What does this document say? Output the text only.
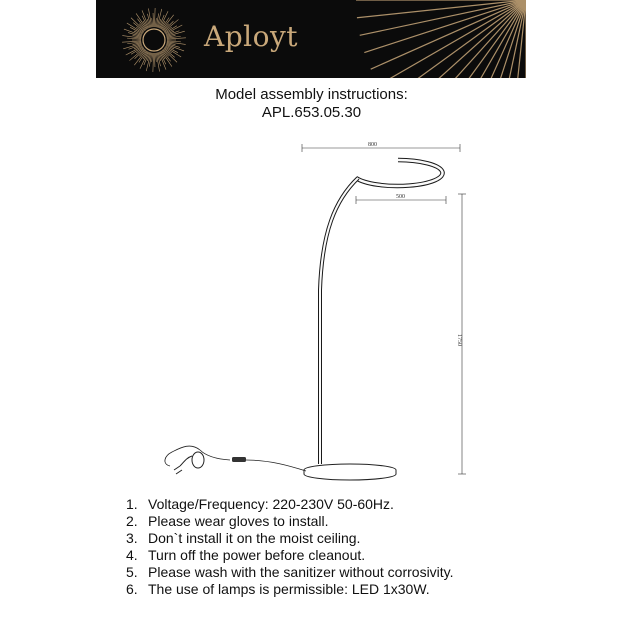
Aployt
Model assembly instructions:
APL.653.05.30
800
500
1750
1. Voltage/Frequency: 220-230V 50-60Hz.
2. Please wear gloves to install.
3. Don`t install it on the moist ceiling.
4. Turn off the power before cleanout.
5. Please wash with the sanitizer without corrosivity.
6. The use of lamps is permissible: LED 1x30W.
